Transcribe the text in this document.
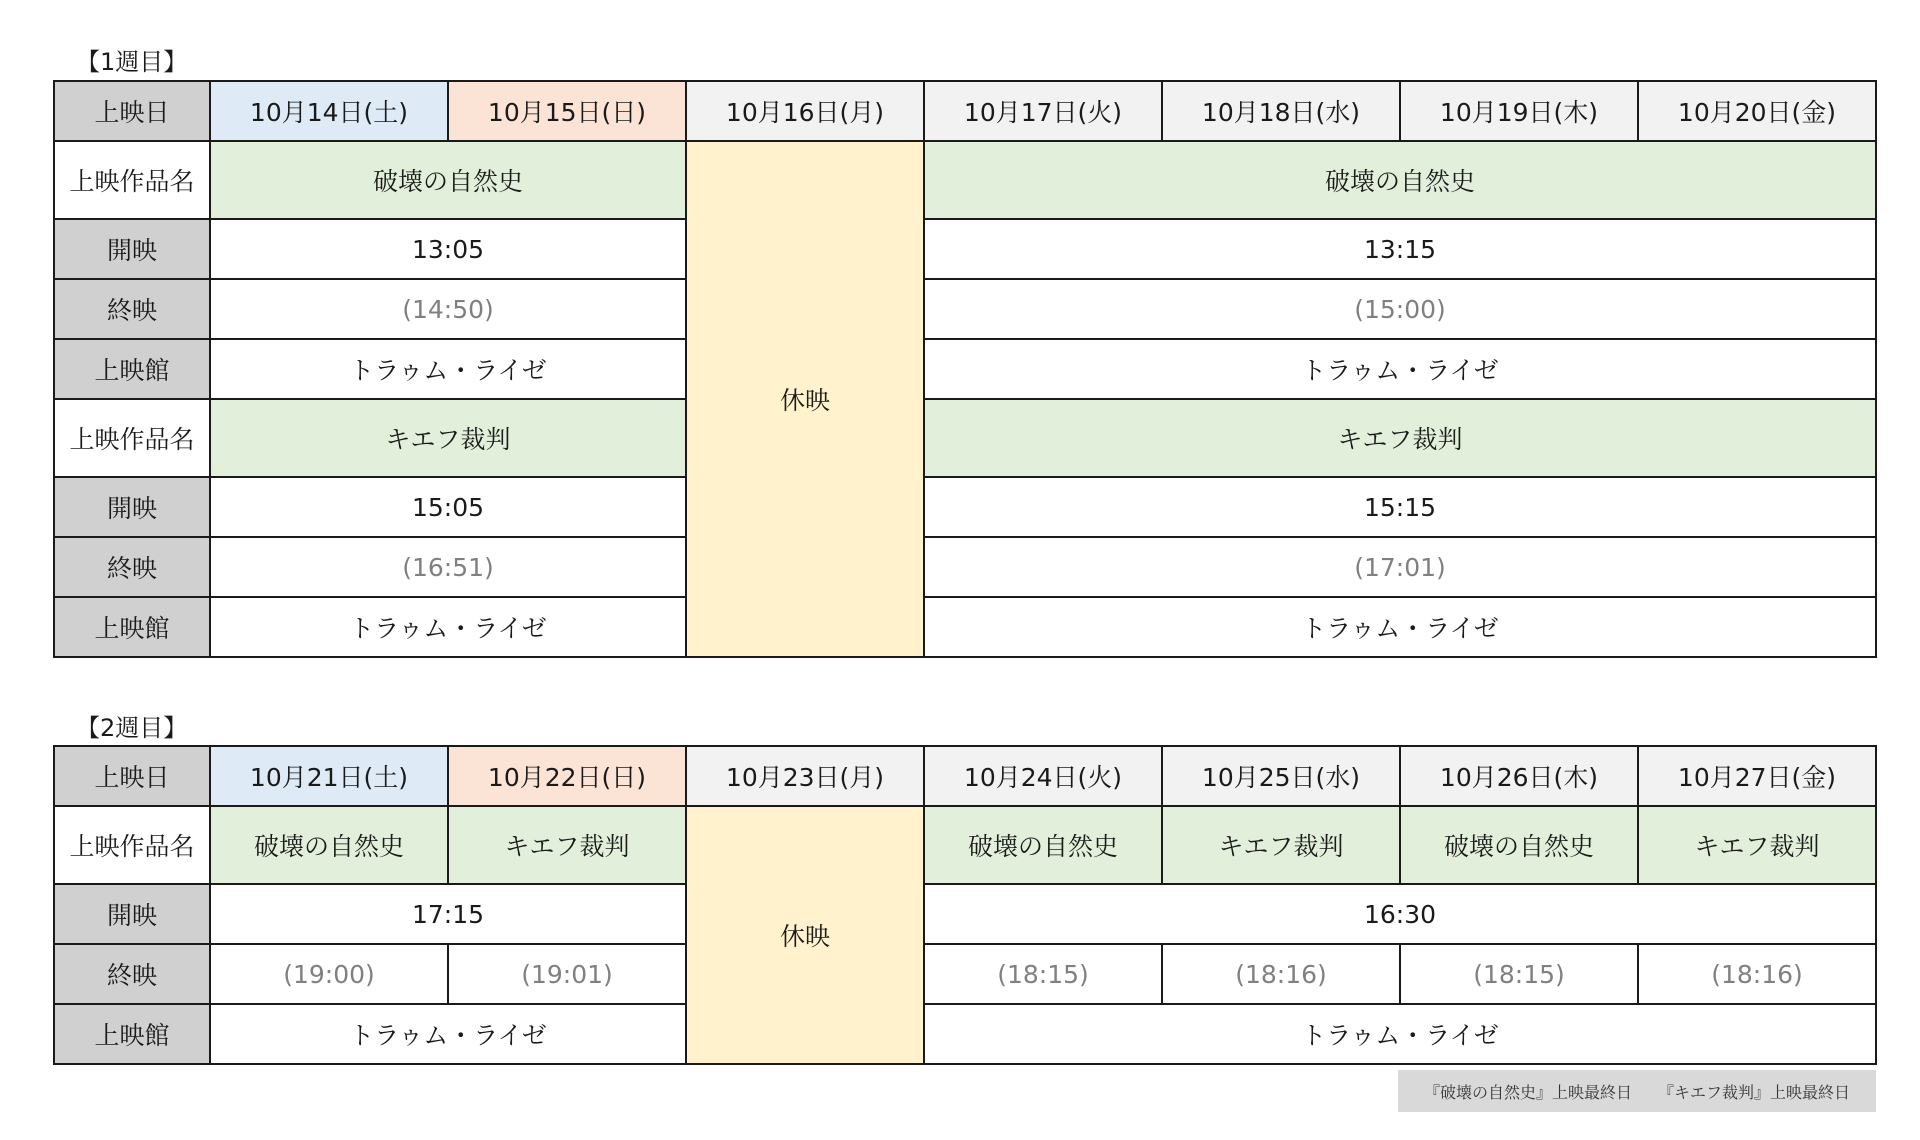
【1週目】
上映日	10月14日(土)	10月15日(日)	10月16日(月)	10月17日(火)	10月18日(水)	10月19日(木)	10月20日(金)
上映作品名	破壊の自然史		休映	破壊の自然史			
開映	13:05			13:15			
終映	(14:50)			(15:00)			
上映館	トラゥム・ライゼ			トラゥム・ライゼ			
上映作品名	キエフ裁判			キエフ裁判			
開映	15:05			15:15			
終映	(16:51)			(17:01)			
上映館	トラゥム・ライゼ			トラゥム・ライゼ			
【2週目】
上映日	10月21日(土)	10月22日(日)	10月23日(月)	10月24日(火)	10月25日(水)	10月26日(木)	10月27日(金)
上映作品名	破壊の自然史	キエフ裁判	休映	破壊の自然史	キエフ裁判	破壊の自然史	キエフ裁判
開映	17:15			16:30			
終映	(19:00)	(19:01)		(18:15)	(18:16)	(18:15)	(18:16)
上映館	トラゥム・ライゼ			トラゥム・ライゼ			
『破壊の自然史』上映最終日 『キエフ裁判』上映最終日
